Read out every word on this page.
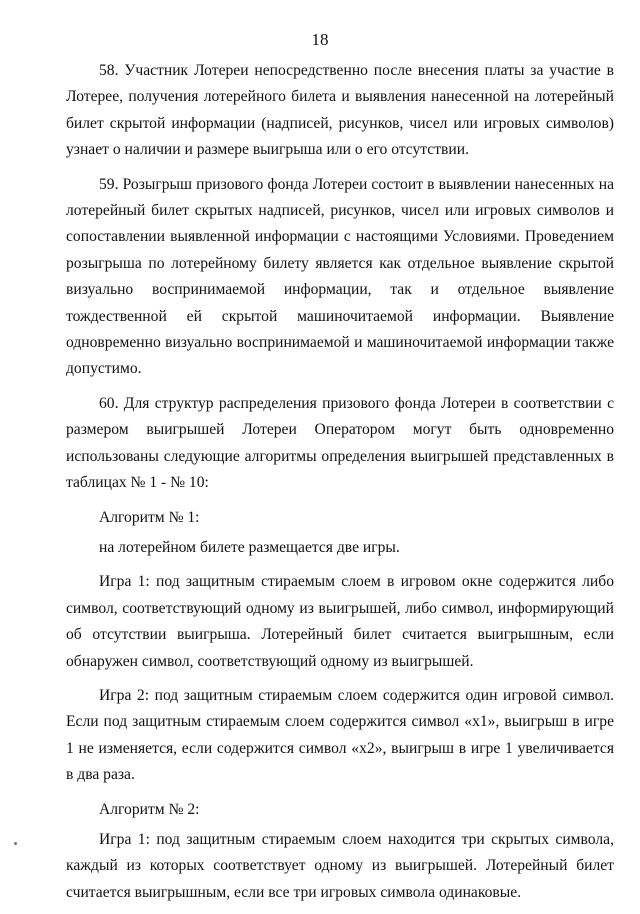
18

58. Участник Лотереи непосредственно после внесения платы за участие в Лотерее, получения лотерейного билета и выявления нанесенной на лотерейный билет скрытой информации (надписей, рисунков, чисел или игровых символов) узнает о наличии и размере выигрыша или о его отсутствии.

59. Розыгрыш призового фонда Лотереи состоит в выявлении нанесенных на лотерейный билет скрытых надписей, рисунков, чисел или игровых символов и сопоставлении выявленной информации с настоящими Условиями. Проведением розыгрыша по лотерейному билету является как отдельное выявление скрытой визуально воспринимаемой информации, так и отдельное выявление тождественной ей скрытой машиночитаемой информации. Выявление одновременно визуально воспринимаемой и машиночитаемой информации также допустимо.

60. Для структур распределения призового фонда Лотереи в соответствии с размером выигрышей Лотереи Оператором могут быть одновременно использованы следующие алгоритмы определения выигрышей представленных в таблицах № 1 - № 10:

Алгоритм № 1:

на лотерейном билете размещается две игры.

Игра 1: под защитным стираемым слоем в игровом окне содержится либо символ, соответствующий одному из выигрышей, либо символ, информирующий об отсутствии выигрыша. Лотерейный билет считается выигрышным, если обнаружен символ, соответствующий одному из выигрышей.

Игра 2: под защитным стираемым слоем содержится один игровой символ. Если под защитным стираемым слоем содержится символ «x1», выигрыш в игре 1 не изменяется, если содержится символ «x2», выигрыш в игре 1 увеличивается в два раза.

Алгоритм № 2:

Игра 1: под защитным стираемым слоем находится три скрытых символа, каждый из которых соответствует одному из выигрышей. Лотерейный билет считается выигрышным, если все три игровых символа одинаковые.
